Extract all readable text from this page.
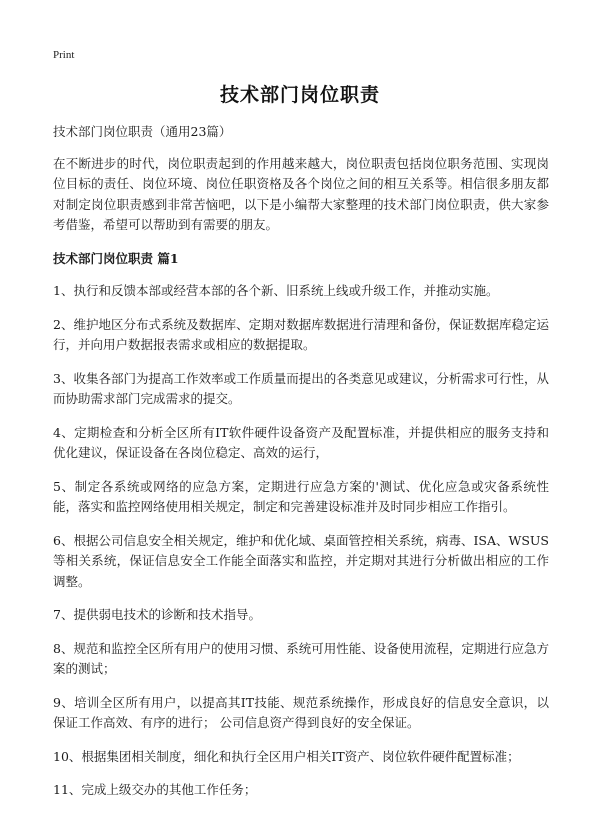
Print
技术部门岗位职责

技术部门岗位职责（通用23篇）

在不断进步的时代，岗位职责起到的作用越来越大，岗位职责包括岗位职务范围、实现岗位目标的责任、岗位环境、岗位任职资格及各个岗位之间的相互关系等。相信很多朋友都对制定岗位职责感到非常苦恼吧，以下是小编帮大家整理的技术部门岗位职责，供大家参考借鉴，希望可以帮助到有需要的朋友。

技术部门岗位职责 篇1

1、执行和反馈本部或经营本部的各个新、旧系统上线或升级工作，并推动实施。

2、维护地区分布式系统及数据库、定期对数据库数据进行清理和备份，保证数据库稳定运行，并向用户数据报表需求或相应的数据提取。

3、收集各部门为提高工作效率或工作质量而提出的各类意见或建议，分析需求可行性，从而协助需求部门完成需求的提交。

4、定期检查和分析全区所有IT软件硬件设备资产及配置标准，并提供相应的服务支持和优化建议，保证设备在各岗位稳定、高效的运行，

5、制定各系统或网络的应急方案，定期进行应急方案的'测试、优化应急或灾备系统性能，落实和监控网络使用相关规定，制定和完善建设标准并及时同步相应工作指引。

6、根据公司信息安全相关规定，维护和优化域、桌面管控相关系统，病毒、ISA、WSUS等相关系统，保证信息安全工作能全面落实和监控，并定期对其进行分析做出相应的工作调整。

7、提供弱电技术的诊断和技术指导。

8、规范和监控全区所有用户的使用习惯、系统可用性能、设备使用流程，定期进行应急方案的测试；

9、培训全区所有用户，以提高其IT技能、规范系统操作，形成良好的信息安全意识，以保证工作高效、有序的进行； 公司信息资产得到良好的安全保证。

10、根据集团相关制度，细化和执行全区用户相关IT资产、岗位软件硬件配置标准；

11、完成上级交办的其他工作任务；
